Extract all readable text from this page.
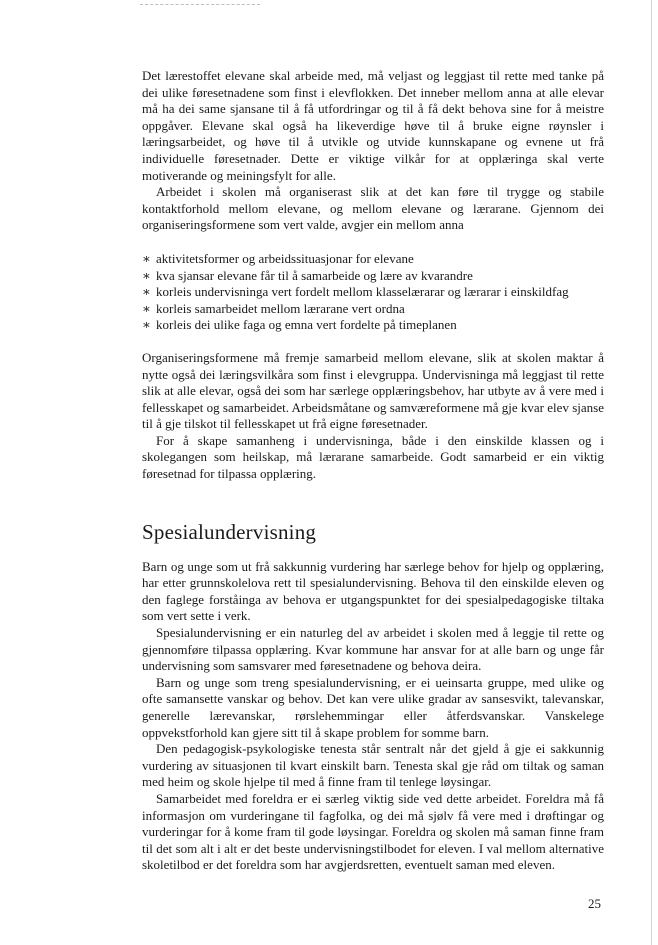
Det lærestoffet elevane skal arbeide med, må veljast og leggjast til rette med tanke på dei ulike føresetnadene som finst i elevflokken. Det inneber mellom anna at alle elevar må ha dei same sjansane til å få utfordringar og til å få dekt behova sine for å meistre oppgåver. Elevane skal også ha likeverdige høve til å bruke eigne røynsler i læringsarbeidet, og høve til å utvikle og utvide kunnskapane og evnene ut frå individuelle føresetnader. Dette er viktige vilkår for at opplæringa skal verte motiverande og meiningsfylt for alle.

Arbeidet i skolen må organiserast slik at det kan føre til trygge og stabile kontaktforhold mellom elevane, og mellom elevane og lærarane. Gjennom dei organiseringsformene som vert valde, avgjer ein mellom anna

∗ aktivitetsformer og arbeidssituasjonar for elevane
∗ kva sjansar elevane får til å samarbeide og lære av kvarandre
∗ korleis undervisninga vert fordelt mellom klasselærarar og lærarar i einskildfag
∗ korleis samarbeidet mellom lærarane vert ordna
∗ korleis dei ulike faga og emna vert fordelte på timeplanen

Organiseringsformene må fremje samarbeid mellom elevane, slik at skolen maktar å nytte også dei læringsvilkåra som finst i elevgruppa. Undervisninga må leggjast til rette slik at alle elevar, også dei som har særlege opplæringsbehov, har utbyte av å vere med i fellesskapet og samarbeidet. Arbeidsmåtane og samværeformene må gje kvar elev sjanse til å gje tilskot til fellesskapet ut frå eigne føresetnader.

For å skape samanheng i undervisninga, både i den einskilde klassen og i skolegangen som heilskap, må lærarane samarbeide. Godt samarbeid er ein viktig føresetnad for tilpassa opplæring.

Spesialundervisning

Barn og unge som ut frå sakkunnig vurdering har særlege behov for hjelp og opplæring, har etter grunnskolelova rett til spesialundervisning. Behova til den einskilde eleven og den faglege forståinga av behova er utgangspunktet for dei spesialpedagogiske tiltaka som vert sette i verk.

Spesialundervisning er ein naturleg del av arbeidet i skolen med å leggje til rette og gjennomføre tilpassa opplæring. Kvar kommune har ansvar for at alle barn og unge får undervisning som samsvarer med føresetnadene og behova deira.

Barn og unge som treng spesialundervisning, er ei ueinsarta gruppe, med ulike og ofte samansette vanskar og behov. Det kan vere ulike gradar av sansesvikt, talevanskar, generelle lærevanskar, rørslehemmingar eller åtferdsvanskar. Vanskelege oppvekstforhold kan gjere sitt til å skape problem for somme barn.

Den pedagogisk-psykologiske tenesta står sentralt når det gjeld å gje ei sakkunnig vurdering av situasjonen til kvart einskilt barn. Tenesta skal gje råd om tiltak og saman med heim og skole hjelpe til med å finne fram til tenlege løysingar.

Samarbeidet med foreldra er ei særleg viktig side ved dette arbeidet. Foreldra må få informasjon om vurderingane til fagfolka, og dei må sjølv få vere med i drøftingar og vurderingar for å kome fram til gode løysingar. Foreldra og skolen må saman finne fram til det som alt i alt er det beste undervisningstilbodet for eleven. I val mellom alternative skoletilbod er det foreldra som har avgjerdsretten, eventuelt saman med eleven.

25
